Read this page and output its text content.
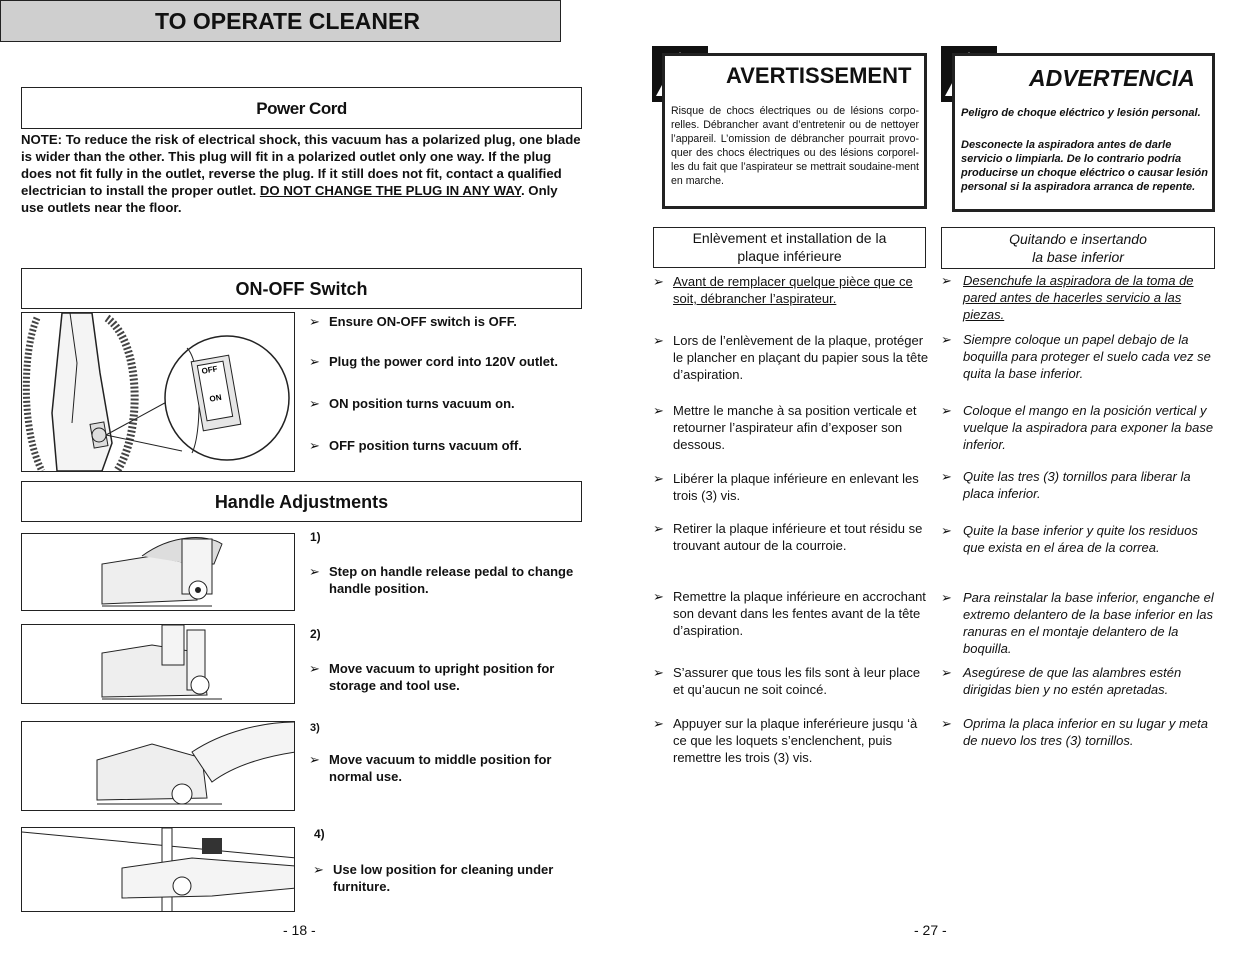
TO OPERATE CLEANER
Power Cord
NOTE: To reduce the risk of electrical shock, this vacuum has a polarized plug, one blade is wider than the other. This plug will fit in a polarized outlet only one way. If the plug does not fit fully in the outlet, reverse the plug. If it still does not fit, contact a qualified electrician to install the proper outlet. DO NOT CHANGE THE PLUG IN ANY WAY. Only use outlets near the floor.
ON-OFF Switch
OFF
ON
➢ Ensure ON-OFF switch is OFF.
➢ Plug the power cord into 120V outlet.
➢ ON position turns vacuum on.
➢ OFF position turns vacuum off.
Handle Adjustments
1)
➢ Step on handle release pedal to change handle position.
2)
➢ Move vacuum to upright position for storage and tool use.
3)
➢ Move vacuum to middle position for normal use.
4)
➢ Use low position for cleaning under furniture.
- 18 -
AVERTISSEMENT
Risque de chocs électriques ou de lésions corpo-relles. Débrancher avant d’entretenir ou de nettoyer l’appareil. L’omission de débrancher pourrait provo-quer des chocs électriques ou des lésions corporel-les du fait que l’aspirateur se mettrait soudaine-ment en marche.
Enlèvement et installation de la plaque inférieure
➢ Avant de remplacer quelque pièce que ce soit, débrancher l’aspirateur.
➢ Lors de l’enlèvement de la plaque, protéger le plancher en plaçant du papier sous la tête d’aspiration.
➢ Mettre le manche à sa position verticale et retourner l’aspirateur afin d’exposer son dessous.
➢ Libérer la plaque inférieure en enlevant les trois (3) vis.
➢ Retirer la plaque inférieure et tout résidu se trouvant autour de la courroie.
➢ Remettre la plaque inférieure en accrochant son devant dans les fentes avant de la tête d’aspiration.
➢ S’assurer que tous les fils sont à leur place et qu’aucun ne soit coincé.
➢ Appuyer sur la plaque inferérieure jusqu ‘à ce que les loquets s’enclenchent, puis remettre les trois (3) vis.
- 27 -
ADVERTENCIA
Peligro de choque eléctrico y lesión personal.
Desconecte la aspiradora antes de darle servicio o limpiarla. De lo contrario podría producirse un choque eléctrico o causar lesión personal si la aspiradora arranca de repente.
Quitando e insertando
la base inferior
➢ Desenchufe la aspiradora de la toma de pared antes de hacerles servicio a las piezas.
➢ Siempre coloque un papel debajo de la boquilla para proteger el suelo cada vez se quita la base inferior.
➢ Coloque el mango en la posición vertical y vuelque la aspiradora para exponer la base inferior.
➢ Quite las tres (3) tornillos para liberar la placa inferior.
➢ Quite la base inferior y quite los residuos que exista en el área de la correa.
➢ Para reinstalar la base inferior, enganche el extremo delantero de la base inferior en las ranuras en el montaje delantero de la boquilla.
➢ Asegúrese de que las alambres estén dirigidas bien y no estén apretadas.
➢ Oprima la placa inferior en su lugar y meta de nuevo los tres (3) tornillos.
